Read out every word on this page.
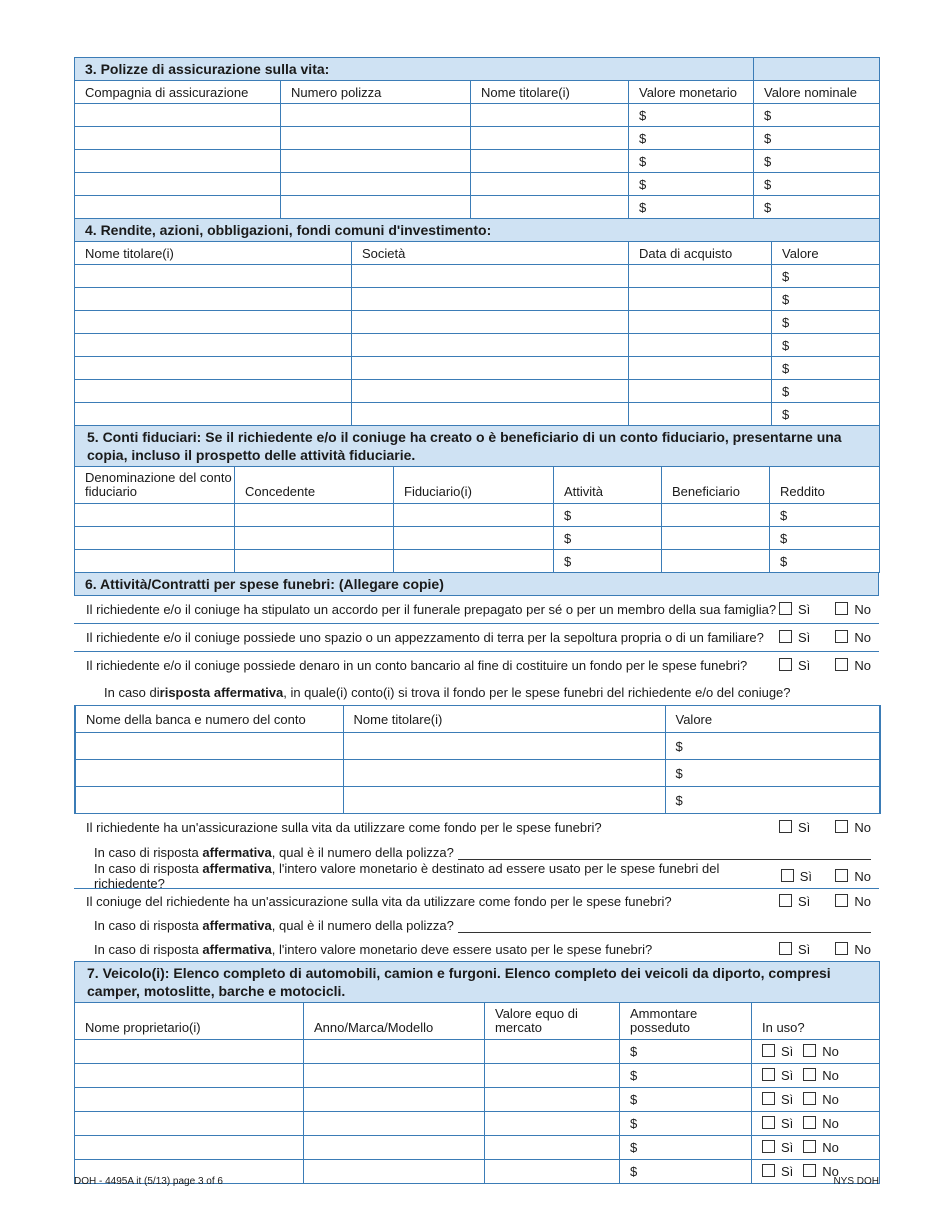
3. Polizze di assicurazione sulla vita:				
Compagnia di assicurazione	Numero polizza	Nome titolare(i)	Valore monetario	Valore nominale
			$	$
			$	$
			$	$
			$	$
			$	$
4. Rendite, azioni, obbligazioni, fondi comuni d'investimento:			
Nome titolare(i)	Società	Data di acquisto	Valore
			$
			$
			$
			$
			$
			$
			$
5. Conti fiduciari: Se il richiedente e/o il coniuge ha creato o è beneficiario di un conto fiduciario, presentarne una copia, incluso il prospetto delle attività fiduciarie.					
Denominazione del conto fiduciario	Concedente	Fiduciario(i)	Attività	Beneficiario	Reddito
			$		$
			$		$
			$		$
6. Attività/Contratti per spese funebri: (Allegare copie)
Il richiedente e/o il coniuge ha stipulato un accordo per il funerale prepagato per sé o per un membro della sua famiglia?	Sì	No
Il richiedente e/o il coniuge possiede uno spazio o un appezzamento di terra per la sepoltura propria o di un familiare?	Sì	No
Il richiedente e/o il coniuge possiede denaro in un conto bancario al fine di costituire un fondo per le spese funebri?	Sì	No
In caso di risposta affermativa , in quale(i) conto(i) si trova il fondo per le spese funebri del richiedente e/o del coniuge?
Nome della banca e numero del conto	Nome titolare(i)	Valore
		$
		$
		$
Il richiedente ha un'assicurazione sulla vita da utilizzare come fondo per le spese funebri?	Sì	No
In caso di risposta affermativa, qual è il numero della polizza?
In caso di risposta affermativa, l'intero valore monetario è destinato ad essere usato per le spese funebri del richiedente?	Sì	No
Il coniuge del richiedente ha un'assicurazione sulla vita da utilizzare come fondo per le spese funebri?	Sì	No
In caso di risposta affermativa, qual è il numero della polizza?
In caso di risposta affermativa, l'intero valore monetario deve essere usato per le spese funebri?	Sì	No
7. Veicolo(i): Elenco completo di automobili, camion e furgoni. Elenco completo dei veicoli da diporto, compresi camper, motoslitte, barche e motocicli.				
Nome proprietario(i)	Anno/Marca/Modello	Valore equo di mercato	Ammontare posseduto	In uso?
			$	Sì No

			$	Sì No

			$	Sì No

			$	Sì No

			$	Sì No

			$	Sì No
DOH - 4495A it (5/13) page 3 of 6	NYS DOH
